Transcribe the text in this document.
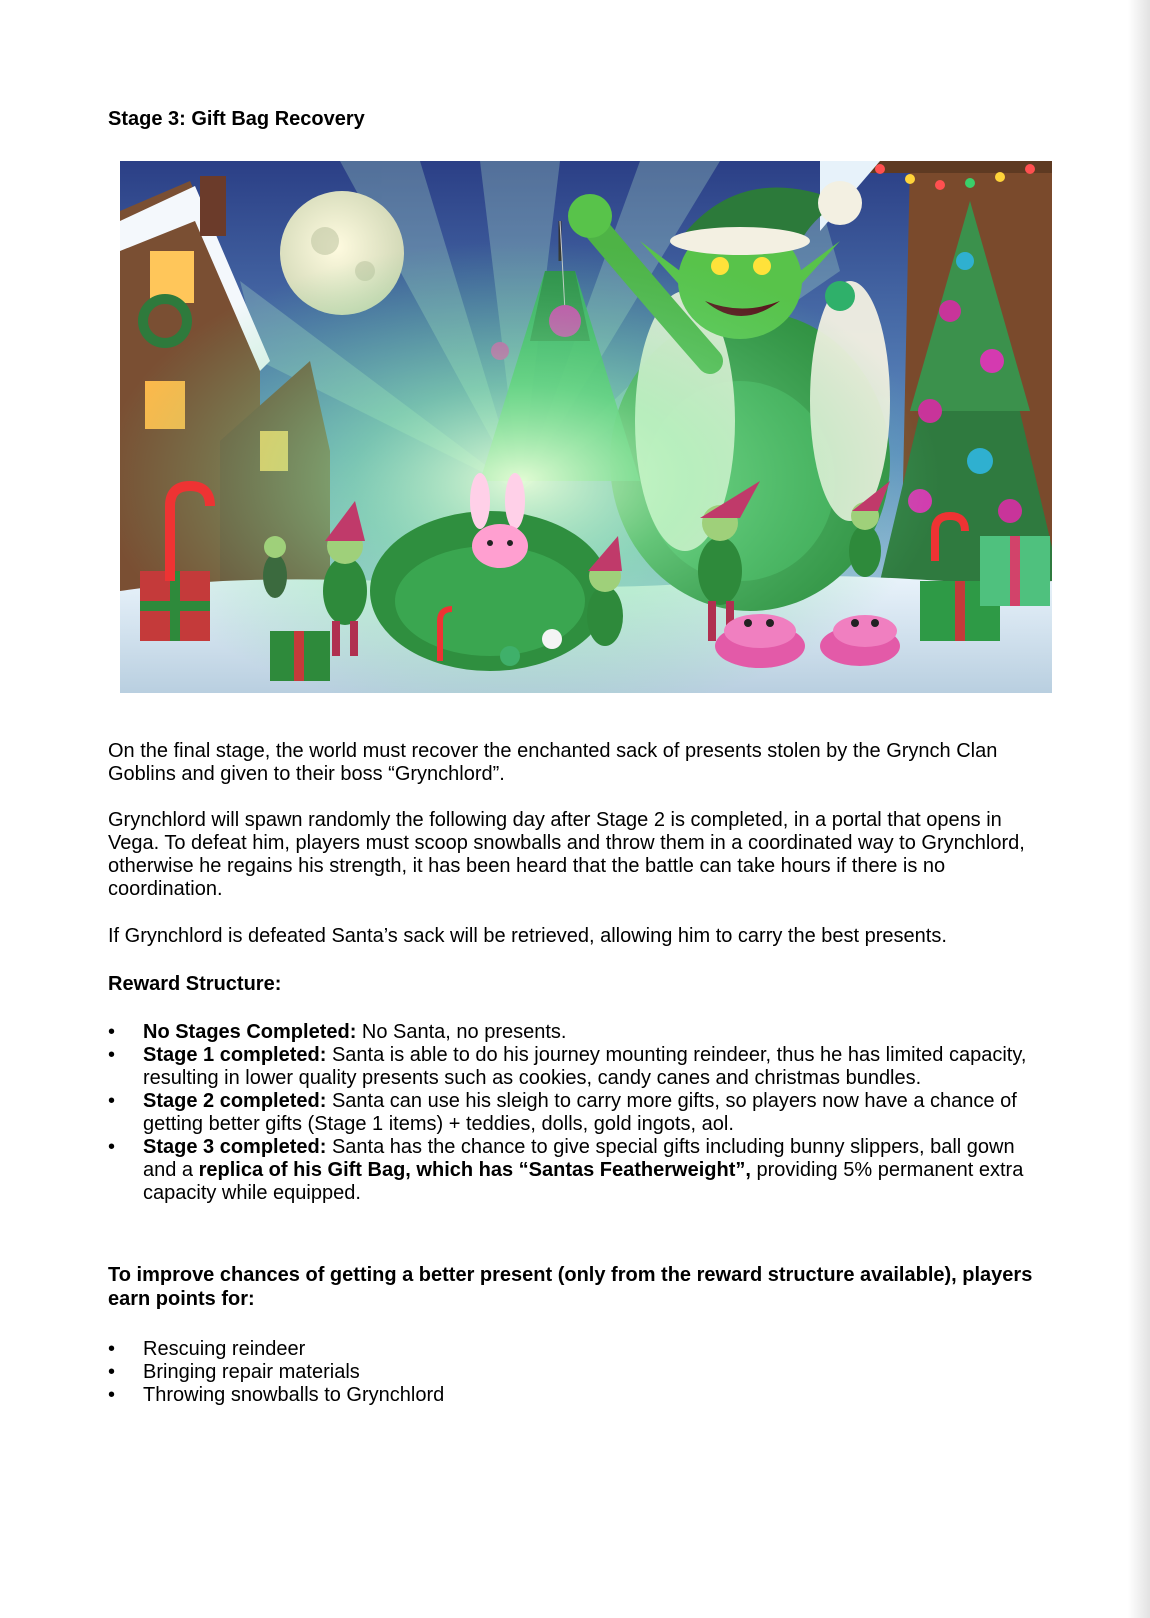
Stage 3: Gift Bag Recovery
On the final stage, the world must recover the enchanted sack of presents stolen by the Grynch Clan Goblins and given to their boss “Grynchlord”.
Grynchlord will spawn randomly the following day after Stage 2 is completed, in a portal that opens in Vega. To defeat him, players must scoop snowballs and throw them in a coordinated way to Grynchlord, otherwise he regains his strength, it has been heard that the battle can take hours if there is no coordination.
If Grynchlord is defeated Santa’s sack will be retrieved, allowing him to carry the best presents.
Reward Structure:
• No Stages Completed: No Santa, no presents.
• Stage 1 completed: Santa is able to do his journey mounting reindeer, thus he has limited capacity, resulting in lower quality presents such as cookies, candy canes and christmas bundles.
• Stage 2 completed: Santa can use his sleigh to carry more gifts, so players now have a chance of getting better gifts (Stage 1 items) + teddies, dolls, gold ingots, aol.
• Stage 3 completed: Santa has the chance to give special gifts including bunny slippers, ball gown and a replica of his Gift Bag, which has “Santas Featherweight”, providing 5% permanent extra capacity while equipped.
To improve chances of getting a better present (only from the reward structure available), players earn points for:
• Rescuing reindeer
• Bringing repair materials
• Throwing snowballs to Grynchlord
